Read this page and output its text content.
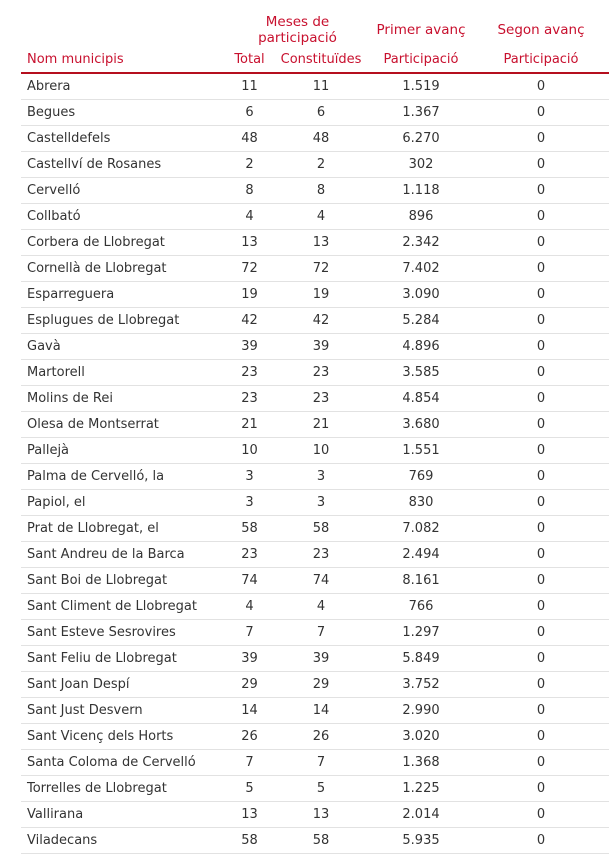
	Meses de participació		Primer avanç	Segon avanç
Nom municipis	Total	Constituïdes	Participació	Participació
Abrera	11	11	1.519	0
Begues	6	6	1.367	0
Castelldefels	48	48	6.270	0
Castellví de Rosanes	2	2	302	0
Cervelló	8	8	1.118	0
Collbató	4	4	896	0
Corbera de Llobregat	13	13	2.342	0
Cornellà de Llobregat	72	72	7.402	0
Esparreguera	19	19	3.090	0
Esplugues de Llobregat	42	42	5.284	0
Gavà	39	39	4.896	0
Martorell	23	23	3.585	0
Molins de Rei	23	23	4.854	0
Olesa de Montserrat	21	21	3.680	0
Pallejà	10	10	1.551	0
Palma de Cervelló, la	3	3	769	0
Papiol, el	3	3	830	0
Prat de Llobregat, el	58	58	7.082	0
Sant Andreu de la Barca	23	23	2.494	0
Sant Boi de Llobregat	74	74	8.161	0
Sant Climent de Llobregat	4	4	766	0
Sant Esteve Sesrovires	7	7	1.297	0
Sant Feliu de Llobregat	39	39	5.849	0
Sant Joan Despí	29	29	3.752	0
Sant Just Desvern	14	14	2.990	0
Sant Vicenç dels Horts	26	26	3.020	0
Santa Coloma de Cervelló	7	7	1.368	0
Torrelles de Llobregat	5	5	1.225	0
Vallirana	13	13	2.014	0
Viladecans	58	58	5.935	0
